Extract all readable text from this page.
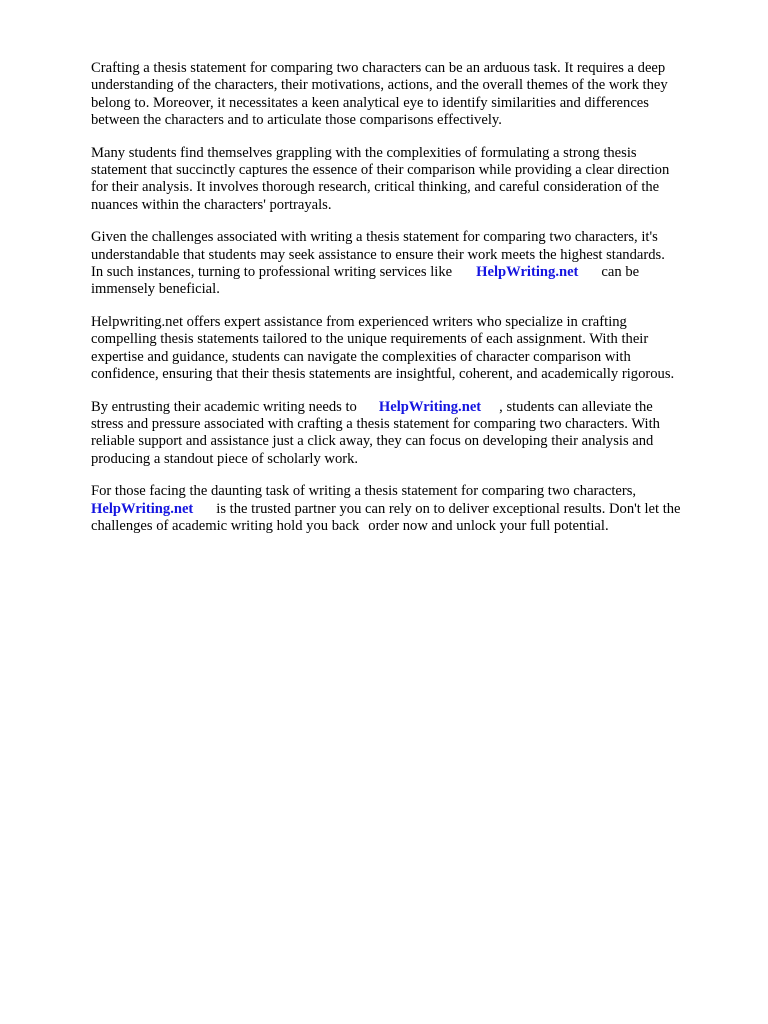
Crafting a thesis statement for comparing two characters can be an arduous task. It requires a deep
understanding of the characters, their motivations, actions, and the overall themes of the work they
belong to. Moreover, it necessitates a keen analytical eye to identify similarities and differences
between the characters and to articulate those comparisons effectively.
Many students find themselves grappling with the complexities of formulating a strong thesis
statement that succinctly captures the essence of their comparison while providing a clear direction
for their analysis. It involves thorough research, critical thinking, and careful consideration of the
nuances within the characters' portrayals.
Given the challenges associated with writing a thesis statement for comparing two characters, it's
understandable that students may seek assistance to ensure their work meets the highest standards.
In such instances, turning to professional writing services like HelpWriting.net can be
immensely beneficial.
Helpwriting.net offers expert assistance from experienced writers who specialize in crafting
compelling thesis statements tailored to the unique requirements of each assignment. With their
expertise and guidance, students can navigate the complexities of character comparison with
confidence, ensuring that their thesis statements are insightful, coherent, and academically rigorous.
By entrusting their academic writing needs to HelpWriting.net , students can alleviate the
stress and pressure associated with crafting a thesis statement for comparing two characters. With
reliable support and assistance just a click away, they can focus on developing their analysis and
producing a standout piece of scholarly work.
For those facing the daunting task of writing a thesis statement for comparing two characters,
HelpWriting.net is the trusted partner you can rely on to deliver exceptional results. Don't let the
challenges of academic writing hold you back order now and unlock your full potential.
